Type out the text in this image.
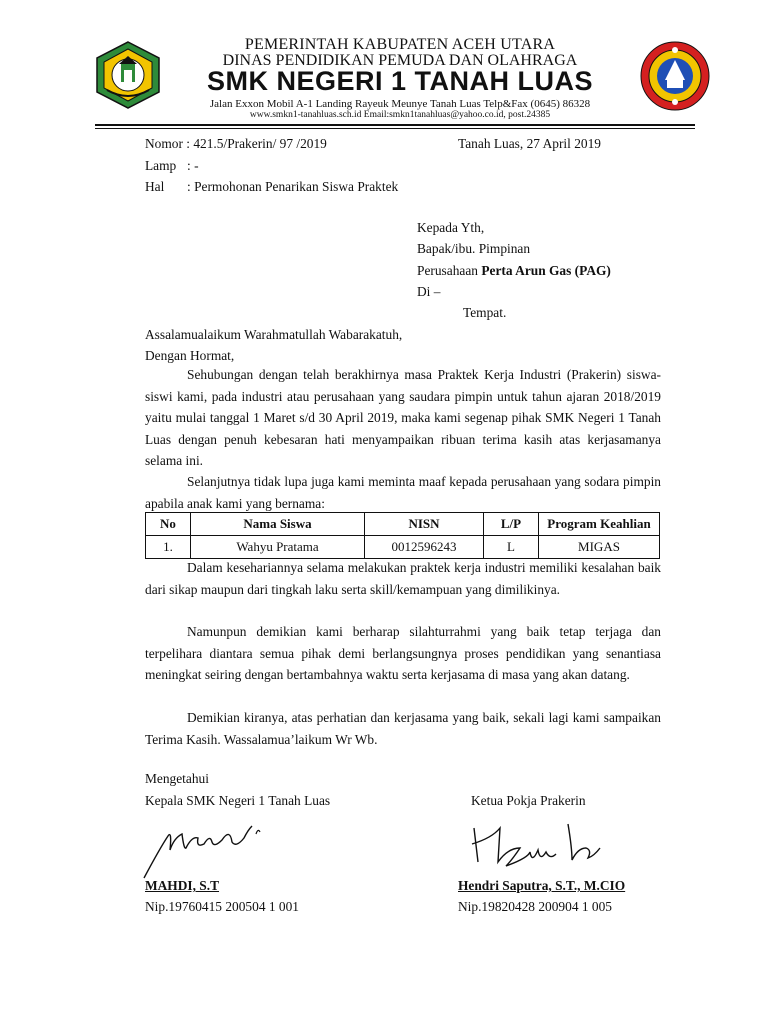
PEMERINTAH KABUPATEN ACEH UTARA

DINAS PENDIDIKAN PEMUDA DAN OLAHRAGA

SMK NEGERI 1 TANAH LUAS

Jalan Exxon Mobil A-1 Landing Rayeuk Meunye Tanah Luas Telp&Fax (0645) 86328

www.smkn1-tanahluas.sch.id Email:smkn1tanahluas@yahoo.co.id, post.24385

Nomor : 421.5/Prakerin/ 97 /2019	Tanah Luas, 27 April 2019
Lamp : -
Hal : Permohonan Penarikan Siswa Praktek
Kepada Yth,
Bapak/ibu. Pimpinan
Perusahaan Perta Arun Gas (PAG)
Di –
Tempat.
Assalamualaikum Warahmatullah Wabarakatuh,
Dengan Hormat,

Sehubungan dengan telah berakhirnya masa Praktek Kerja Industri (Prakerin) siswa-siswi kami, pada industri atau perusahaan yang saudara pimpin untuk tahun ajaran 2018/2019 yaitu mulai tanggal 1 Maret s/d 30 April 2019, maka kami segenap pihak SMK Negeri 1 Tanah Luas dengan penuh kebesaran hati menyampaikan ribuan terima kasih atas kerjasamanya selama ini.

Selanjutnya tidak lupa juga kami meminta maaf kepada perusahaan yang sodara pimpin apabila anak kami yang bernama:

No	Nama Siswa	NISN	L/P	Program Keahlian
1.	Wahyu Pratama	0012596243	L	MIGAS

Dalam kesehariannya selama melakukan praktek kerja industri memiliki kesalahan baik dari sikap maupun dari tingkah laku serta skill/kemampuan yang dimilikinya.

Namunpun demikian kami berharap silahturrahmi yang baik tetap terjaga dan terpelihara diantara semua pihak demi berlangsungnya proses pendidikan yang senantiasa meningkat seiring dengan bertambahnya waktu serta kerjasama di masa yang akan datang.

Demikian kiranya, atas perhatian dan kerjasama yang baik, sekali lagi kami sampaikan Terima Kasih. Wassalamua’laikum Wr Wb.

Mengetahui
Kepala SMK Negeri 1 Tanah Luas	Ketua Pokja Prakerin
MAHDI, S.T	Hendri Saputra, S.T., M.CIO
Nip.19760415 200504 1 001	Nip.19820428 200904 1 005
